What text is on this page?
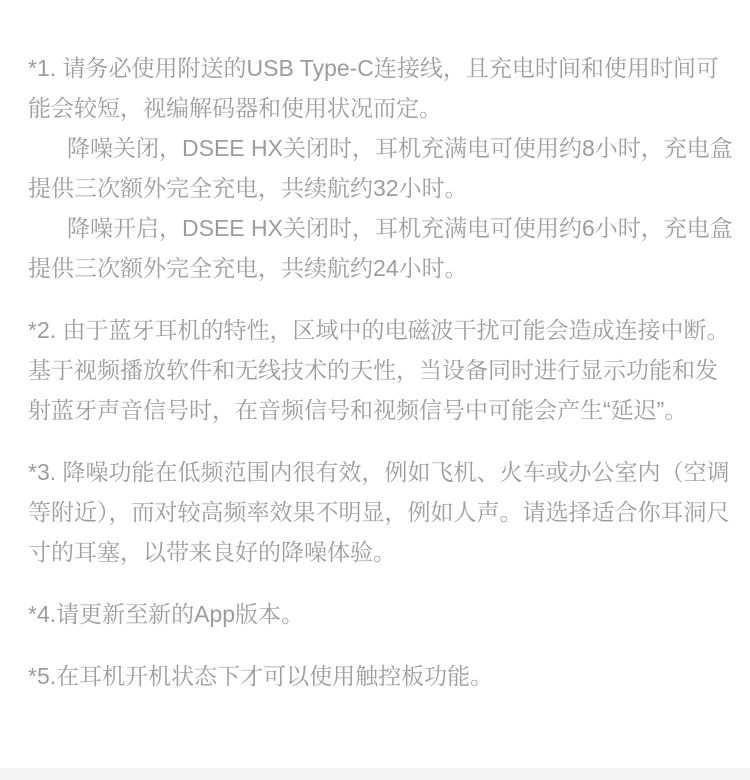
*1. 请务必使用附送的USB Type-C连接线，且充电时间和使用时间可能会较短，视编解码器和使用状况而定。

降噪关闭，DSEE HX关闭时，耳机充满电可使用约8小时，充电盒提供三次额外完全充电，共续航约32小时。

降噪开启，DSEE HX关闭时，耳机充满电可使用约6小时，充电盒提供三次额外完全充电，共续航约24小时。

*2. 由于蓝牙耳机的特性，区域中的电磁波干扰可能会造成连接中断。基于视频播放软件和无线技术的天性，当设备同时进行显示功能和发射蓝牙声音信号时，在音频信号和视频信号中可能会产生“延迟”。

*3. 降噪功能在低频范围内很有效，例如飞机、火车或办公室内（空调等附近），而对较高频率效果不明显，例如人声。请选择适合你耳洞尺寸的耳塞，以带来良好的降噪体验。

*4.请更新至新的App版本。

*5.在耳机开机状态下才可以使用触控板功能。
